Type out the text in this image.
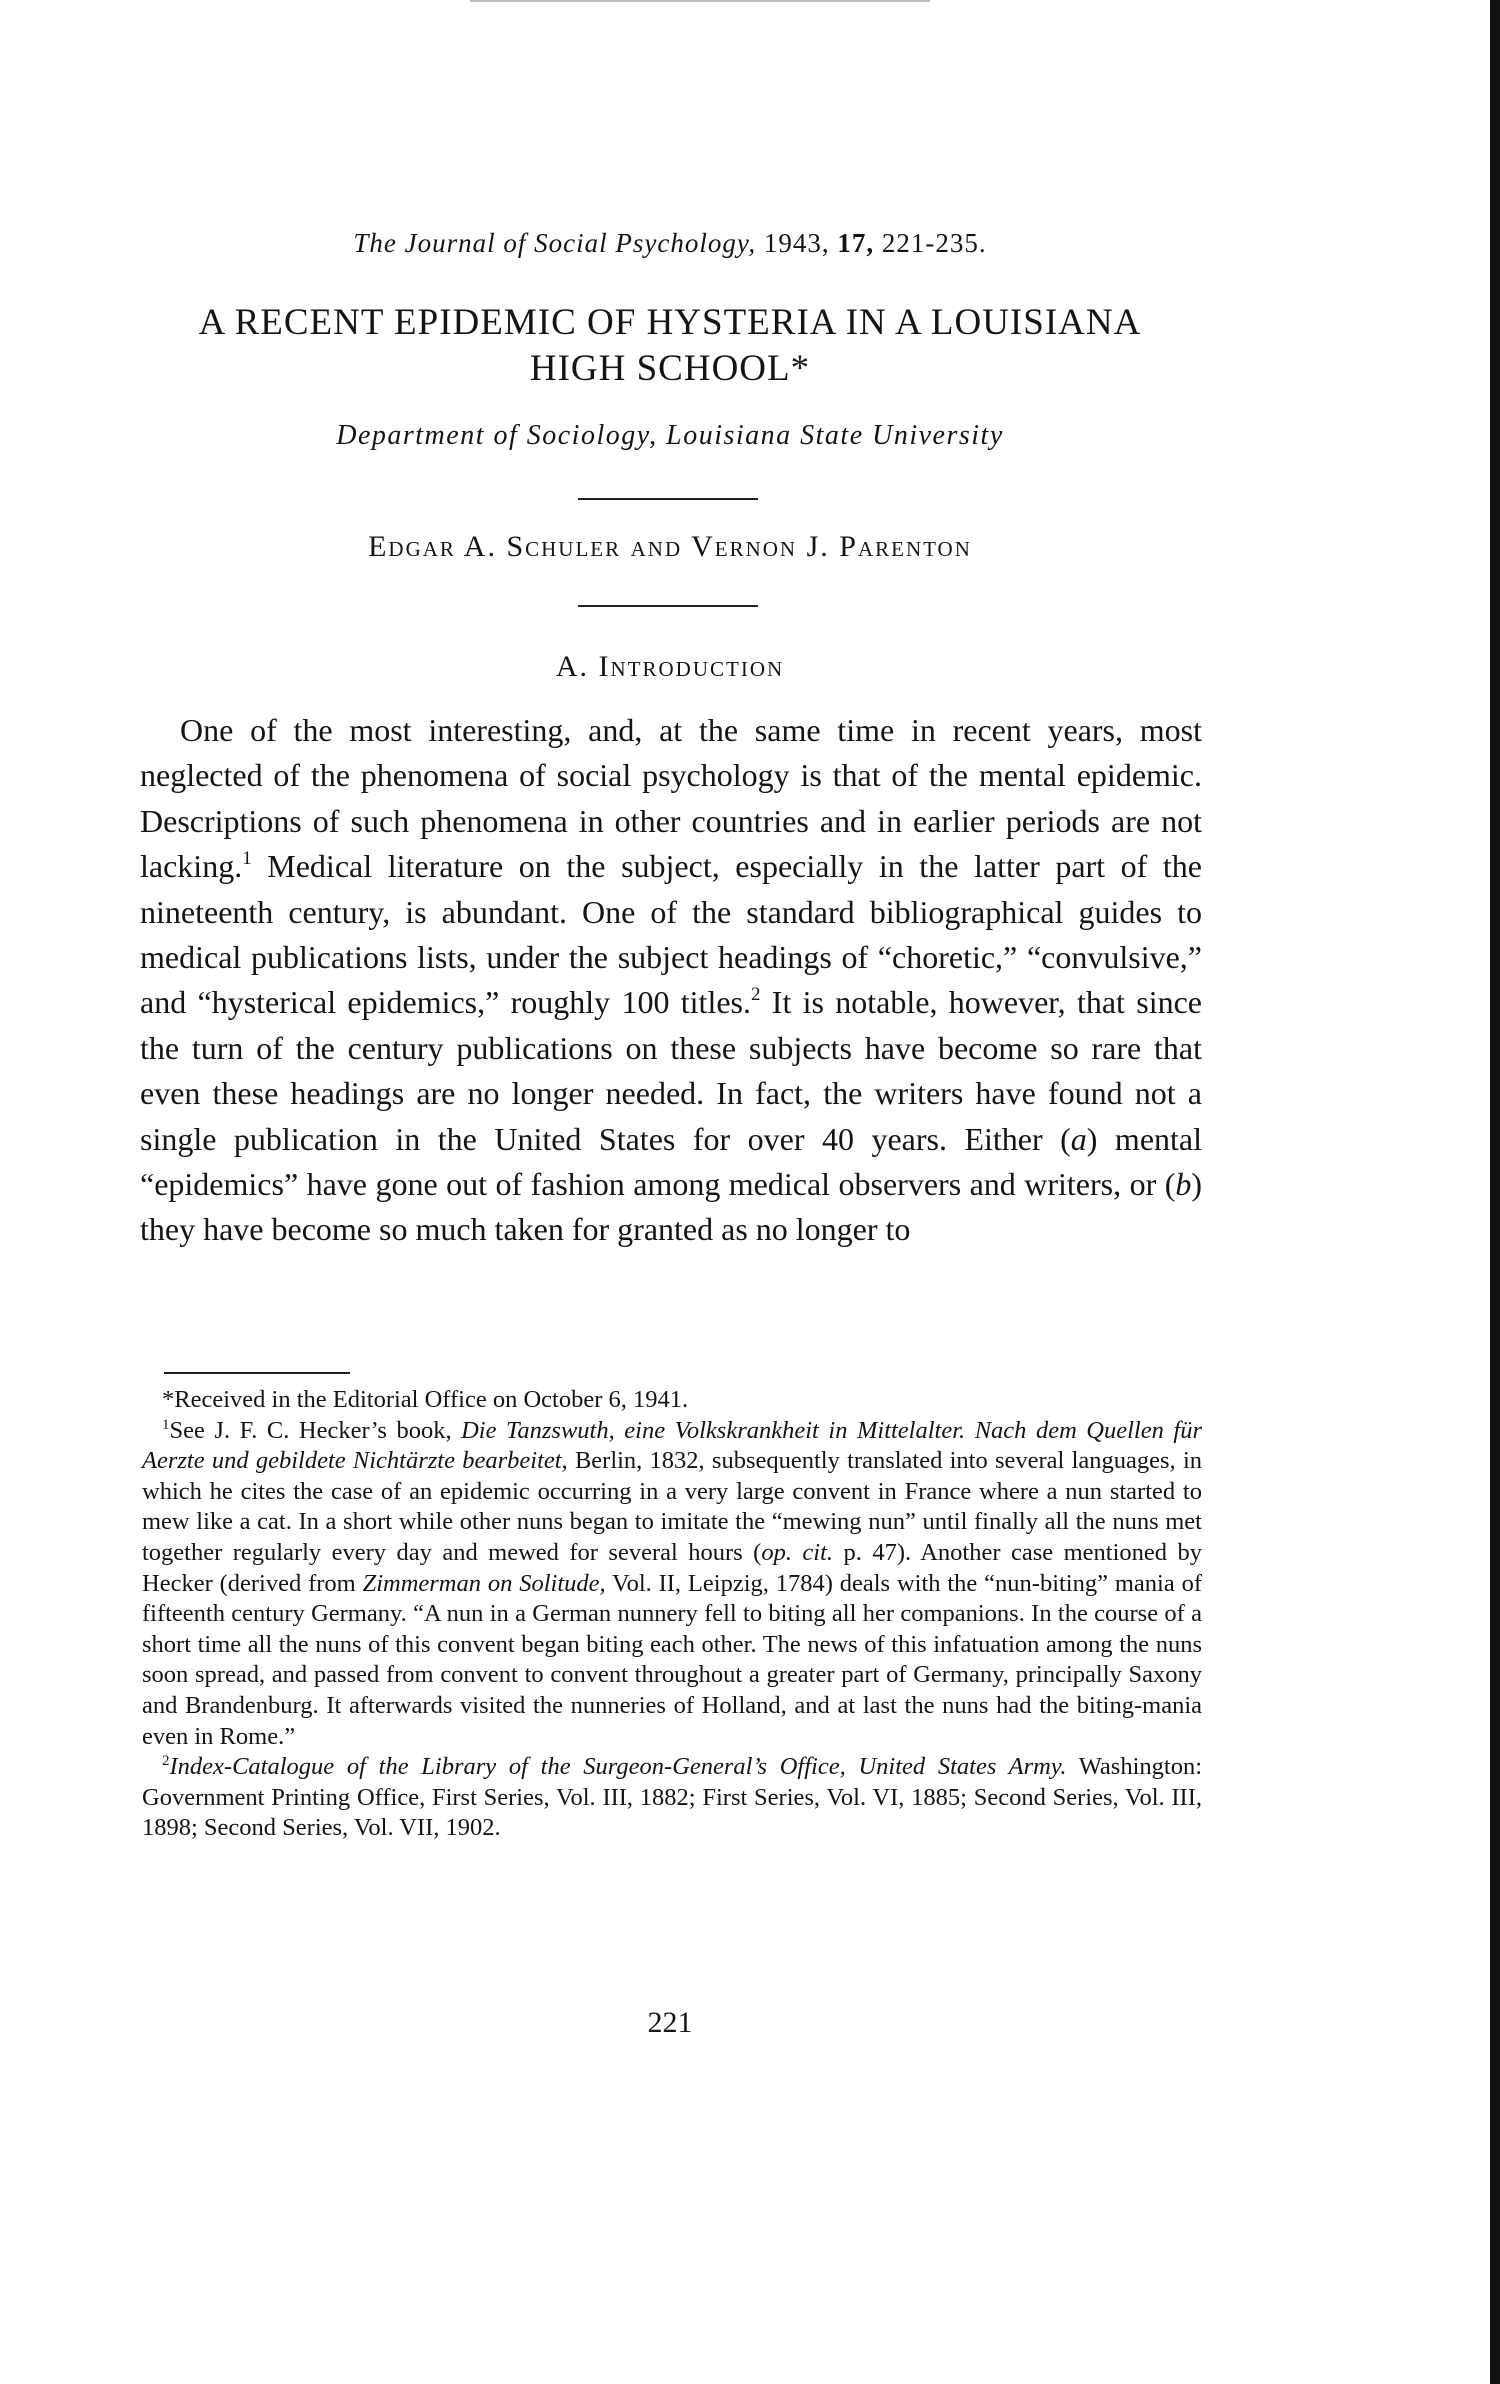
The Journal of Social Psychology, 1943, 17, 221-235.
A RECENT EPIDEMIC OF HYSTERIA IN A LOUISIANA
HIGH SCHOOL*
Department of Sociology, Louisiana State University
Edgar A. Schuler and Vernon J. Parenton
A. Introduction

One of the most interesting, and, at the same time in recent years, most neglected of the phenomena of social psychology is that of the mental epidemic. Descriptions of such phenomena in other countries and in earlier periods are not lacking.$^1$ Medical literature on the subject, especially in the latter part of the nineteenth century, is abundant. One of the standard bibliographical guides to medical publications lists, under the subject headings of “choretic,” “convulsive,” and “hysterical epidemics,” roughly 100 titles.$^2$ It is notable, however, that since the turn of the century publications on these subjects have become so rare that even these headings are no longer needed. In fact, the writers have found not a single publication in the United States for over 40 years. Either (a) mental “epidemics” have gone out of fashion among medical observers and writers, or (b) they have become so much taken for granted as no longer to

*Received in the Editorial Office on October 6, 1941.

$^1$See J. F. C. Hecker’s book, Die Tanzswuth, eine Volkskrankheit in Mittelalter. Nach dem Quellen für Aerzte und gebildete Nichtärzte bearbeitet, Berlin, 1832, subsequently translated into several languages, in which he cites the case of an epidemic occurring in a very large convent in France where a nun started to mew like a cat. In a short while other nuns began to imitate the “mewing nun” until finally all the nuns met together regularly every day and mewed for several hours (op. cit. p. 47). Another case mentioned by Hecker (derived from Zimmerman on Solitude, Vol. II, Leipzig, 1784) deals with the “nun-biting” mania of fifteenth century Germany. “A nun in a German nunnery fell to biting all her companions. In the course of a short time all the nuns of this convent began biting each other. The news of this infatuation among the nuns soon spread, and passed from convent to convent throughout a greater part of Germany, principally Saxony and Brandenburg. It afterwards visited the nunneries of Holland, and at last the nuns had the biting-mania even in Rome.”

$^2$Index-Catalogue of the Library of the Surgeon-General’s Office, United States Army. Washington: Government Printing Office, First Series, Vol. III, 1882; First Series, Vol. VI, 1885; Second Series, Vol. III, 1898; Second Series, Vol. VII, 1902.

221
